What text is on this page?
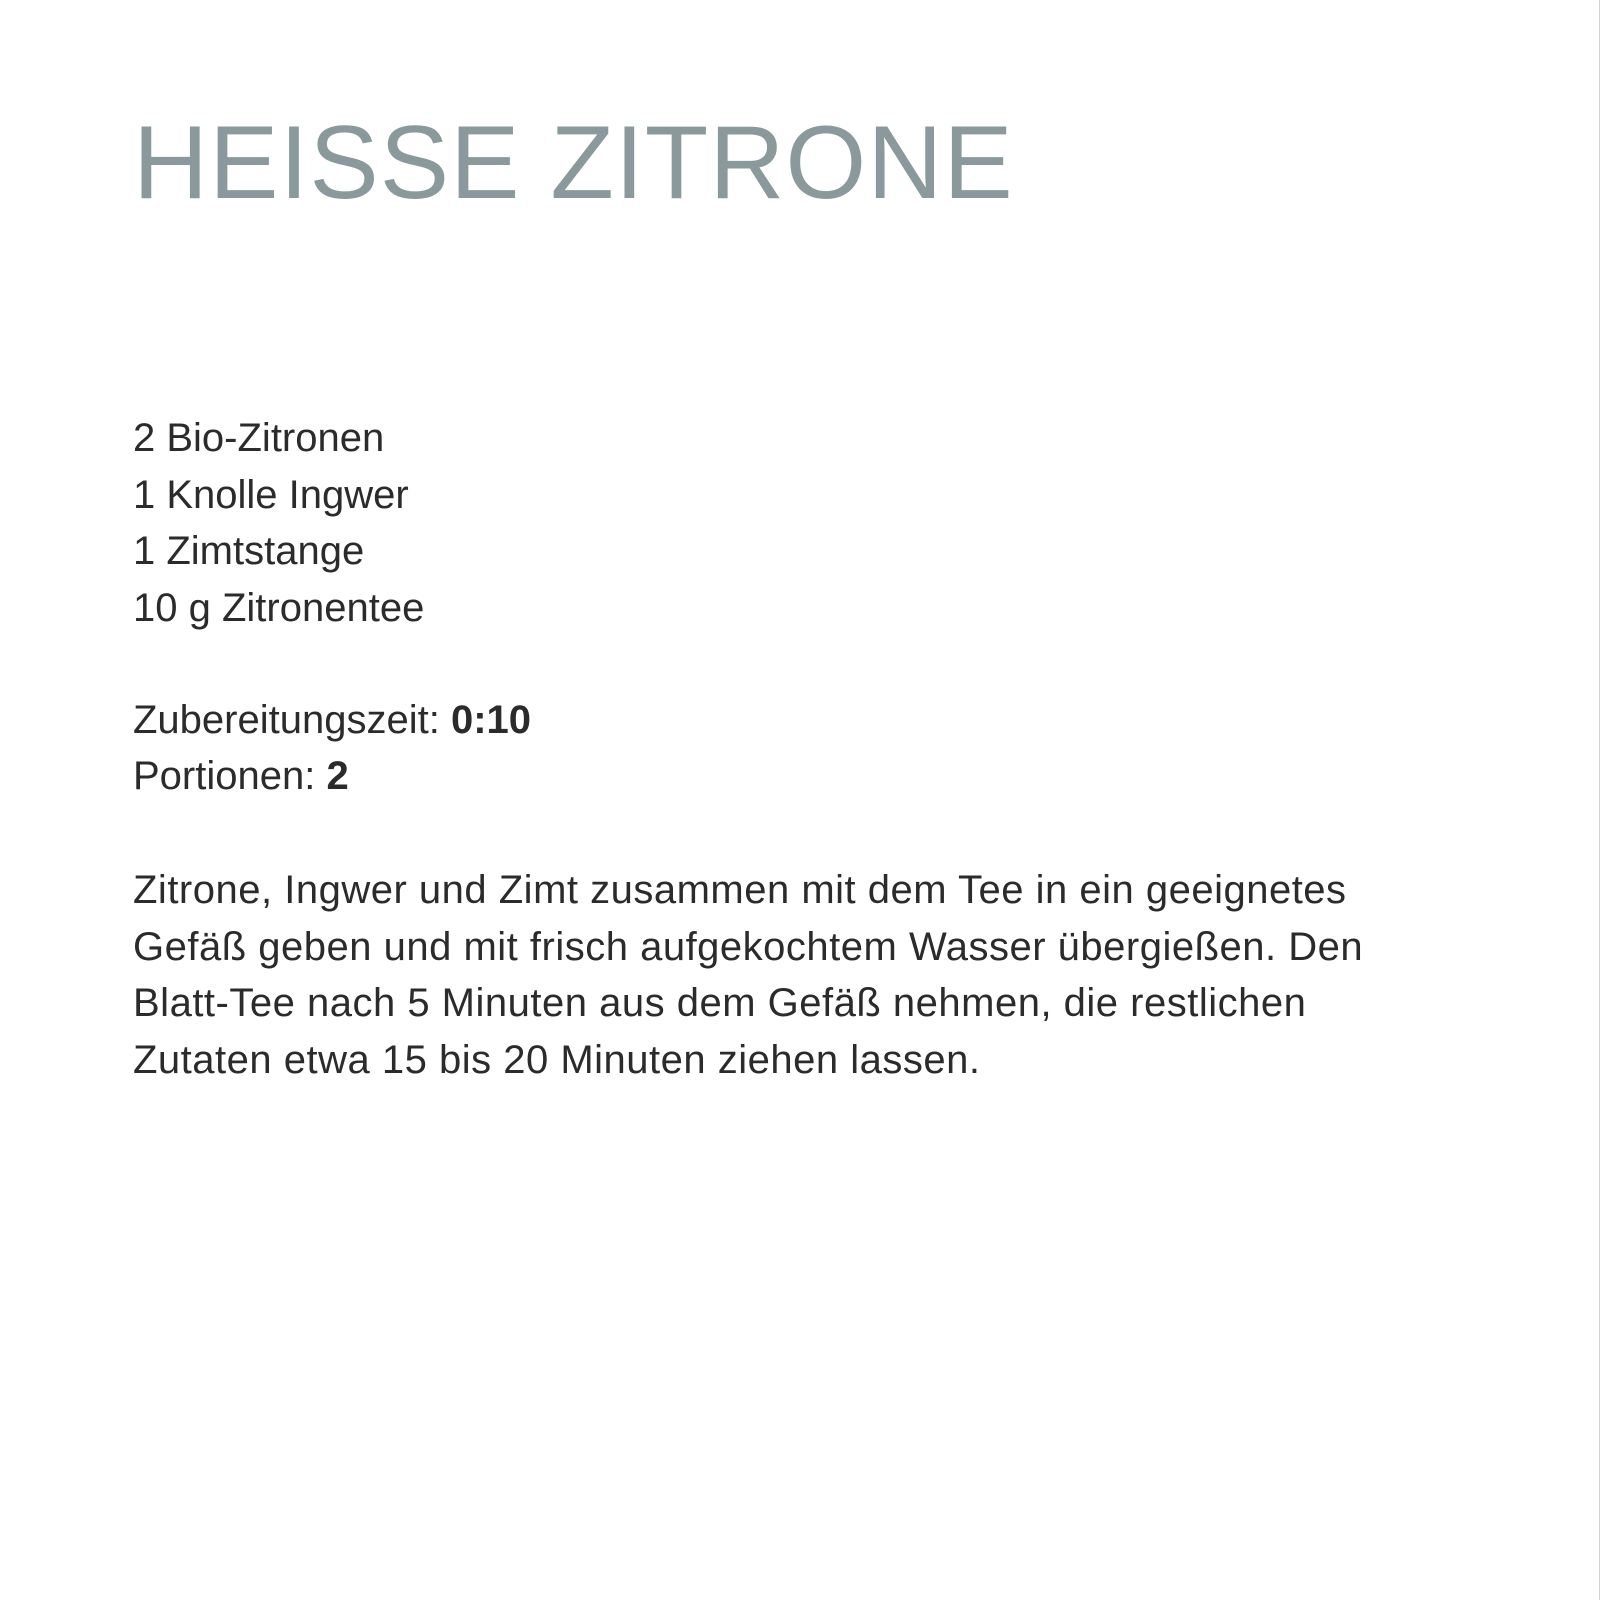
HEISSE ZITRONE
2 Bio-Zitronen
1 Knolle Ingwer
1 Zimtstange
10 g Zitronentee
Zubereitungszeit: 0:10
Portionen: 2

Zitrone, Ingwer und Zimt zusammen mit dem Tee in ein geeignetes Gefäß geben und mit frisch aufgekochtem Wasser übergießen. Den Blatt-Tee nach 5 Minuten aus dem Gefäß nehmen, die restlichen Zutaten etwa 15 bis 20 Minuten ziehen lassen.
